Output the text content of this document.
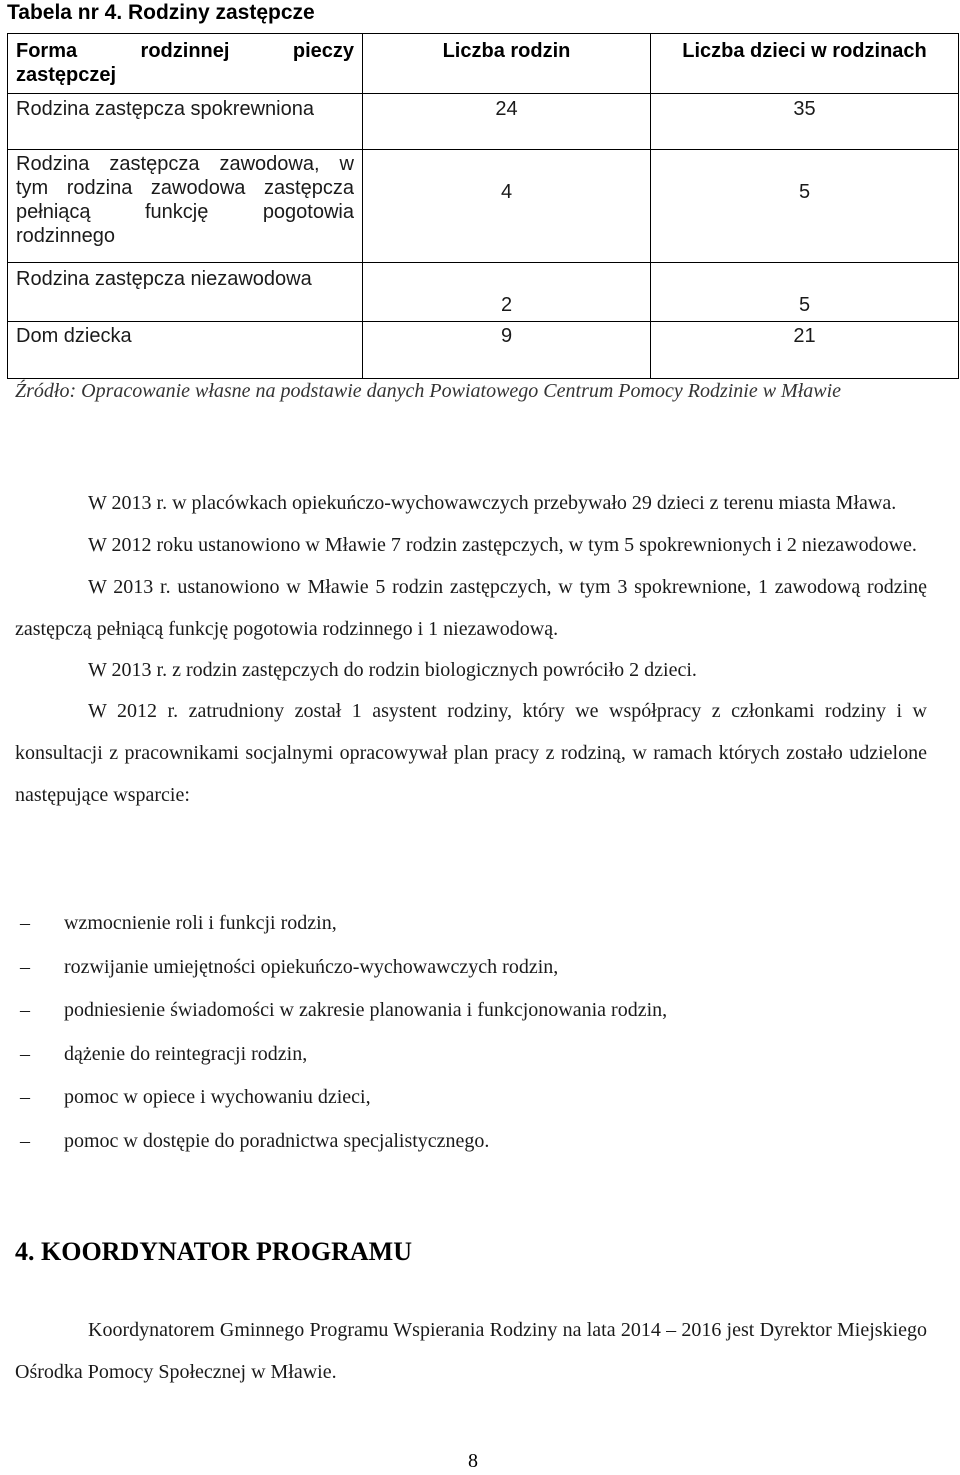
Tabela nr 4. Rodziny zastępcze
Forma rodzinnej pieczy
zastępczej	Liczba rodzin	Liczba dzieci w rodzinach

Rodzina zastępcza spokrewniona	24	35

Rodzina zastępcza zawodowa, w
tym rodzina zawodowa zastępcza
pełniącą funkcję pogotowia
rodzinnego	4	5

Rodzina zastępcza niezawodowa	2	5

Dom dziecka	9	21
Źródło: Opracowanie własne na podstawie danych Powiatowego Centrum Pomocy Rodzinie w Mławie

W 2013 r. w placówkach opiekuńczo-wychowawczych przebywało 29 dzieci z terenu miasta Mława.

W 2012 roku ustanowiono w Mławie 7 rodzin zastępczych, w tym 5 spokrewnionych i 2 niezawodowe.

W 2013 r. ustanowiono w Mławie 5 rodzin zastępczych, w tym 3 spokrewnione, 1 zawodową rodzinę zastępczą pełniącą funkcję pogotowia rodzinnego i 1 niezawodową.

W 2013 r. z rodzin zastępczych do rodzin biologicznych powróciło 2 dzieci.

W 2012 r. zatrudniony został 1 asystent rodziny, który we współpracy z członkami rodziny i w konsultacji z pracownikami socjalnymi opracowywał plan pracy z rodziną, w ramach których zostało udzielone następujące wsparcie:

– wzmocnienie roli i funkcji rodzin,
– rozwijanie umiejętności opiekuńczo-wychowawczych rodzin,
– podniesienie świadomości w zakresie planowania i funkcjonowania rodzin,
– dążenie do reintegracji rodzin,
– pomoc w opiece i wychowaniu dzieci,
– pomoc w dostępie do poradnictwa specjalistycznego.
4. KOORDYNATOR PROGRAMU

Koordynatorem Gminnego Programu Wspierania Rodziny na lata 2014 – 2016 jest Dyrektor Miejskiego Ośrodka Pomocy Społecznej w Mławie.

8
